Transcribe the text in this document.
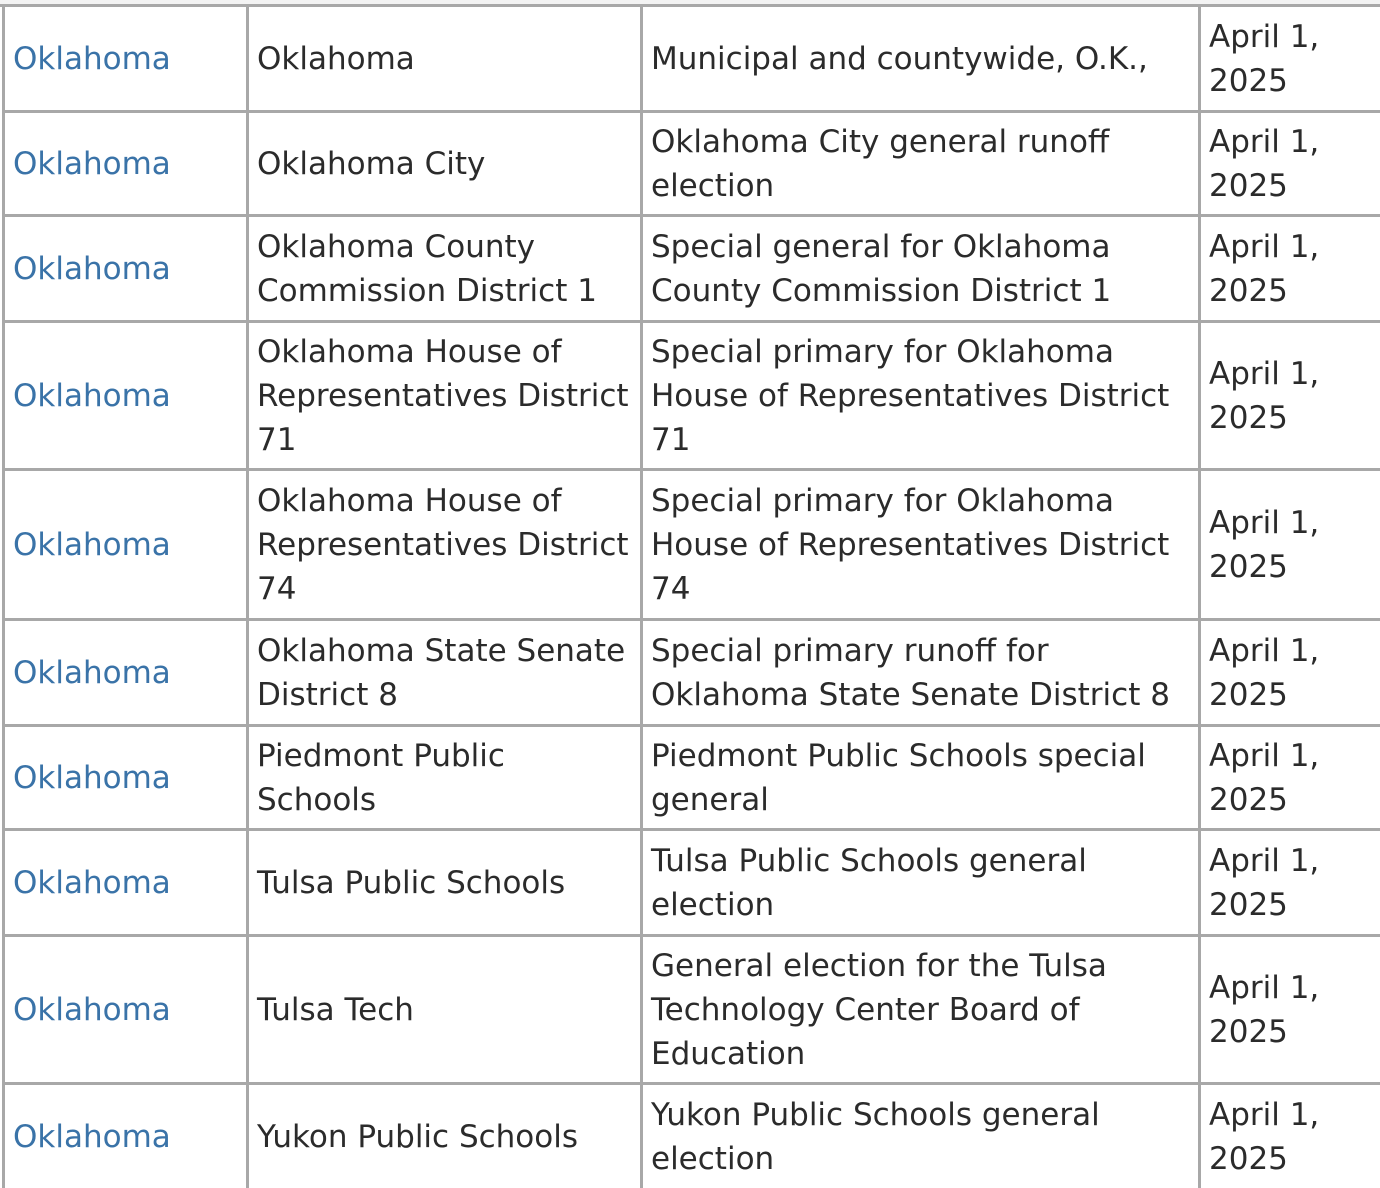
Oklahoma	Oklahoma	Municipal and countywide, O.K.,	April 1, 2025
Oklahoma	Oklahoma City	Oklahoma City general runoff election	April 1, 2025
Oklahoma	Oklahoma County Commission District 1	Special general for Oklahoma County Commission District 1	April 1, 2025
Oklahoma	Oklahoma House of Representatives District 71	Special primary for Oklahoma House of Representatives District 71	April 1, 2025
Oklahoma	Oklahoma House of Representatives District 74	Special primary for Oklahoma House of Representatives District 74	April 1, 2025
Oklahoma	Oklahoma State Senate District 8	Special primary runoff for Oklahoma State Senate District 8	April 1, 2025
Oklahoma	Piedmont Public Schools	Piedmont Public Schools special general	April 1, 2025
Oklahoma	Tulsa Public Schools	Tulsa Public Schools general election	April 1, 2025
Oklahoma	Tulsa Tech	General election for the Tulsa Technology Center Board of Education	April 1, 2025
Oklahoma	Yukon Public Schools	Yukon Public Schools general election	April 1, 2025
